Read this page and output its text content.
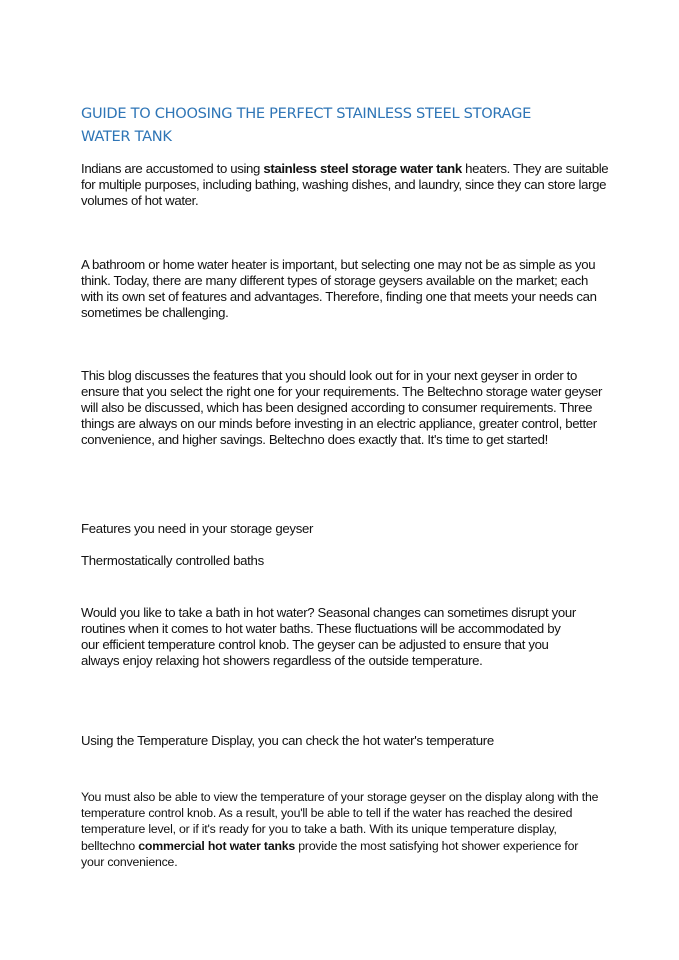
GUIDE TO CHOOSING THE PERFECT STAINLESS STEEL STORAGE WATER TANK

Indians are accustomed to using stainless steel storage water tank heaters. They are suitable for multiple purposes, including bathing, washing dishes, and laundry, since they can store large volumes of hot water.

A bathroom or home water heater is important, but selecting one may not be as simple as you think. Today, there are many different types of storage geysers available on the market; each with its own set of features and advantages. Therefore, finding one that meets your needs can sometimes be challenging.

This blog discusses the features that you should look out for in your next geyser in order to ensure that you select the right one for your requirements. The Beltechno storage water geyser will also be discussed, which has been designed according to consumer requirements. Three things are always on our minds before investing in an electric appliance, greater control, better convenience, and higher savings. Beltechno does exactly that. It's time to get started!

Features you need in your storage geyser

Thermostatically controlled baths

Would you like to take a bath in hot water? Seasonal changes can sometimes disrupt your routines when it comes to hot water baths. These fluctuations will be accommodated by our efficient temperature control knob. The geyser can be adjusted to ensure that you always enjoy relaxing hot showers regardless of the outside temperature.

Using the Temperature Display, you can check the hot water's temperature

You must also be able to view the temperature of your storage geyser on the display along with the temperature control knob. As a result, you'll be able to tell if the water has reached the desired temperature level, or if it's ready for you to take a bath. With its unique temperature display, belltechno commercial hot water tanks provide the most satisfying hot shower experience for your convenience.
